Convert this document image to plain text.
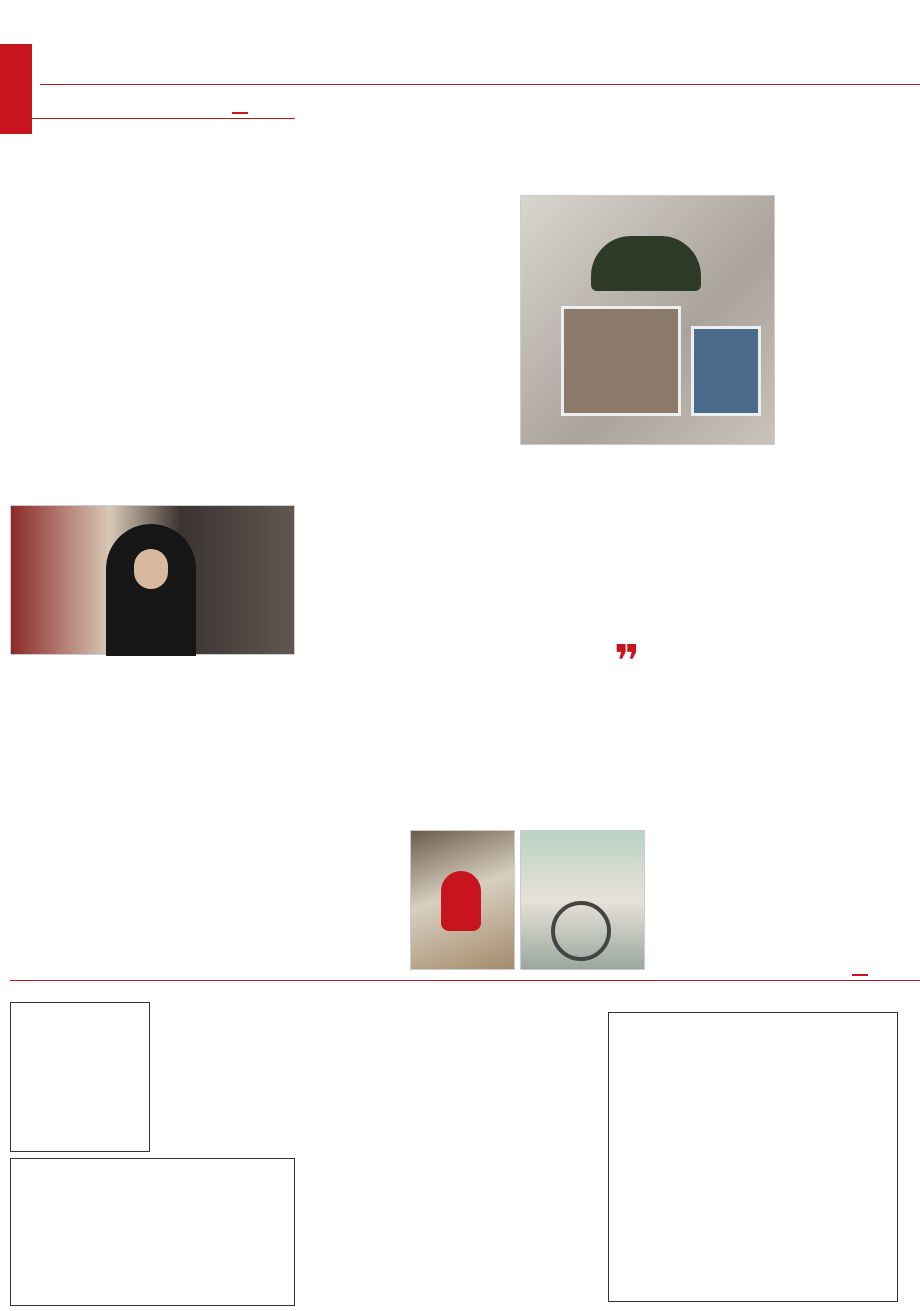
❞
